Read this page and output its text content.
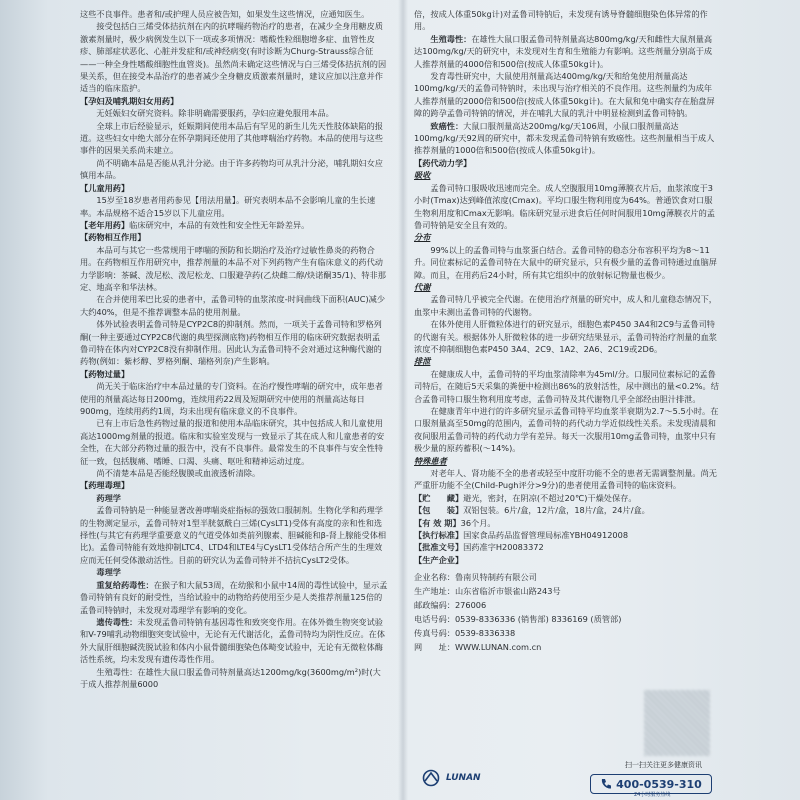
这些不良事件。患者和/或护理人员应被告知，如果发生这些情况，应通知医生。

接受包括白三烯受体拮抗剂在内的抗哮喘药物治疗的患者，在减少全身用糖皮质激素剂量时，极少病例发生以下一项或多项情况：嗜酸性粒细胞增多症、血管性皮疹、肺部症状恶化、心脏并发症和/或神经病变(有时诊断为Churg-Strauss综合征——一种全身性嗜酸细胞性血管炎)。虽然尚未确定这些情况与白三烯受体拮抗剂的因果关系，但在接受本品治疗的患者减少全身糖皮质激素剂量时，建议应加以注意并作适当的临床监护。

【孕妇及哺乳期妇女用药】

无妊娠妇女研究资料。除非明确需要服药，孕妇应避免服用本品。

全球上市后经验显示，妊娠期间使用本品后有罕见的新生儿先天性肢体缺陷的报道。这些妇女中绝大部分在怀孕期间还使用了其他哮喘治疗药物。本品的使用与这些事件的因果关系尚未建立。

尚不明确本品是否能从乳汁分泌。由于许多药物均可从乳汁分泌，哺乳期妇女应慎用本品。

【儿童用药】

15岁至18岁患者用药参见【用法用量】。研究表明本品不会影响儿童的生长速率。本品规格不适合15岁以下儿童应用。

【老年用药】临床研究中，本品的有效性和安全性无年龄差异。

【药物相互作用】

本品可与其它一些常规用于哮喘的预防和长期治疗及治疗过敏性鼻炎的药物合用。在药物相互作用研究中，推荐剂量的本品不对下列药物产生有临床意义的药代动力学影响：茶碱、泼尼松、泼尼松龙、口服避孕药(乙炔雌二醇/炔诺酮35/1)、特非那定、地高辛和华法林。

在合并使用苯巴比妥的患者中，孟鲁司特的血浆浓度-时间曲线下面积(AUC)减少大约40%，但是不推荐调整本品的使用剂量。

体外试验表明孟鲁司特是CYP2C8的抑制剂。然而，一项关于孟鲁司特和罗格列酮(一种主要通过CYP2C8代谢的典型探测底物)药物相互作用的临床研究数据表明孟鲁司特在体内对CYP2C8没有抑制作用。因此认为孟鲁司特不会对通过这种酶代谢的药物(例如：紫杉醇、罗格列酮、瑞格列奈)产生影响。

【药物过量】

尚无关于临床治疗中本品过量的专门资料。在治疗慢性哮喘的研究中，成年患者使用的剂量高达每日200mg，连续用药22周及短期研究中使用的剂量高达每日900mg，连续用药约1周，均未出现有临床意义的不良事件。

已有上市后急性药物过量的报道和使用本品临床研究，其中包括成人和儿童使用高达1000mg剂量的报道。临床和实验室发现与一致显示了其在成人和儿童患者的安全性，在大部分药物过量的报告中，没有不良事件。最常发生的不良事件与安全性特征一致，包括腹痛、嗜睡、口渴、头痛、呕吐和精神运动过度。

尚不清楚本品是否能经腹膜或血液透析清除。

【药理毒理】

药理学

孟鲁司特钠是一种能显著改善哮喘炎症指标的强效口服制剂。生物化学和药理学的生物测定显示，孟鲁司特对1型半胱氨酰白三烯(CysLT1)受体有高度的亲和性和选择性(与其它有药理学重要意义的气道受体如类前列腺素、胆碱能和β-肾上腺能受体相比)。孟鲁司特能有效地抑制LTC4、LTD4和LTE4与CysLT1受体结合所产生的生理效应而无任何受体激动活性。目前的研究认为孟鲁司特并不拮抗CysLT2受体。

毒理学

重复给药毒性：在猴子和大鼠53周，在幼猴和小鼠中14周的毒性试验中，显示孟鲁司特钠有良好的耐受性，当给试验中的动物给药使用至少是人类推荐剂量125倍的孟鲁司特钠时，未发现对毒理学有影响的变化。

遗传毒性：未发现孟鲁司特钠有基因毒性和致突变作用。在体外微生物突变试验和V-79哺乳动物细胞突变试验中，无论有无代谢活化，孟鲁司特均为阴性反应。在体外大鼠肝细胞碱洗脱试验和体内小鼠骨髓细胞染色体畸变试验中，无论有无微粒体酶活性系统，均未发现有遗传毒性作用。

生殖毒性：在雄性大鼠口服孟鲁司特剂量高达1200mg/kg(3600mg/m²)时(大于成人推荐剂量6000

倍，按成人体重50kg计)对孟鲁司特钠后，未发现有诱导脊髓细胞染色体异常的作用。

生殖毒性：在雄性大鼠口服孟鲁司特剂量高达800mg/kg/天和雌性大鼠剂量高达100mg/kg/天的研究中，未发现对生育和生殖能力有影响。这些剂量分别高于成人推荐剂量的4000倍和500倍(按成人体重50kg计)。

发育毒性研究中，大鼠使用剂量高达400mg/kg/天和给兔使用剂量高达100mg/kg/天的孟鲁司特钠时，未出现与治疗相关的不良作用。这些剂量约为成年人推荐剂量的2000倍和500倍(按成人体重50kg计)。在大鼠和兔中确实存在胎盘屏障的跨孕孟鲁司特钠的情况，并在哺乳大鼠的乳汁中明显检测到孟鲁司特钠。

致癌性：大鼠口服剂量高达200mg/kg/天106周，小鼠口服剂量高达100mg/kg/天92周的研究中，都未发现孟鲁司特钠有致癌性。这些剂量相当于成人推荐剂量的1000倍和500倍(按成人体重50kg计)。

【药代动力学】

吸收

孟鲁司特口服吸收迅速而完全。成人空腹服用10mg薄膜衣片后，血浆浓度于3小时(Tmax)达到峰值浓度(Cmax)。平均口服生物利用度为64%。普通饮食对口服生物利用度和Cmax无影响。临床研究显示进食后任何时间服用10mg薄膜衣片的孟鲁司特钠是安全且有效的。

分布

99%以上的孟鲁司特与血浆蛋白结合。孟鲁司特的稳态分布容积平均为8～11升。同位素标记的孟鲁司特在大鼠中的研究显示，只有极少量的孟鲁司特通过血脑屏障。而且，在用药后24小时，所有其它组织中的放射标记物量也极少。

代谢

孟鲁司特几乎被完全代谢。在使用治疗剂量的研究中，成人和儿童稳态情况下，血浆中未测出孟鲁司特的代谢物。

在体外使用人肝微粒体进行的研究显示，细胞色素P450 3A4和2C9与孟鲁司特的代谢有关。根据体外人肝微粒体的进一步研究结果显示，孟鲁司特治疗剂量的血浆浓度不抑制细胞色素P450 3A4、2C9、1A2、2A6、2C19或2D6。

排泄

在健康成人中，孟鲁司特的平均血浆清除率为45ml/分。口服同位素标记的孟鲁司特后，在随后5天采集的粪便中检测出86%的放射活性，尿中测出的量<0.2%。结合孟鲁司特口服生物利用度考虑，孟鲁司特及其代谢物几乎全部经由胆汁排泄。

在健康青年中进行的许多研究显示孟鲁司特平均血浆半衰期为2.7～5.5小时。在口服剂量高至50mg的范围内，孟鲁司特的药代动力学近似线性关系。未发现清晨和夜间服用孟鲁司特的药代动力学有差异。每天一次服用10mg孟鲁司特，血浆中只有极少量的原药蓄积(～14%)。

特殊患者

对老年人、肾功能不全的患者或轻至中度肝功能不全的患者无需调整剂量。尚无严重肝功能不全(Child-Pugh评分>9分)的患者使用孟鲁司特的临床资料。

【贮　　藏】避光，密封，在阴凉(不超过20℃)干燥处保存。

【包　　装】双铝包装。6片/盒，12片/盒，18片/盒，24片/盒。

【有 效 期】36个月。

【执行标准】国家食品药品监督管理局标准YBH04912008

【批准文号】国药准字H20083372

【生产企业】

企业名称：鲁南贝特制药有限公司

生产地址：山东省临沂市银雀山路243号

邮政编码：276006

电话号码：0539-8336336 (销售部) 8336169 (质管部)

传真号码：0539-8336338

网　　址：WWW.LUNAN.com.cn

扫一扫关注更多健康资讯
LUNAN	400-0539-310
24小时服务热线
